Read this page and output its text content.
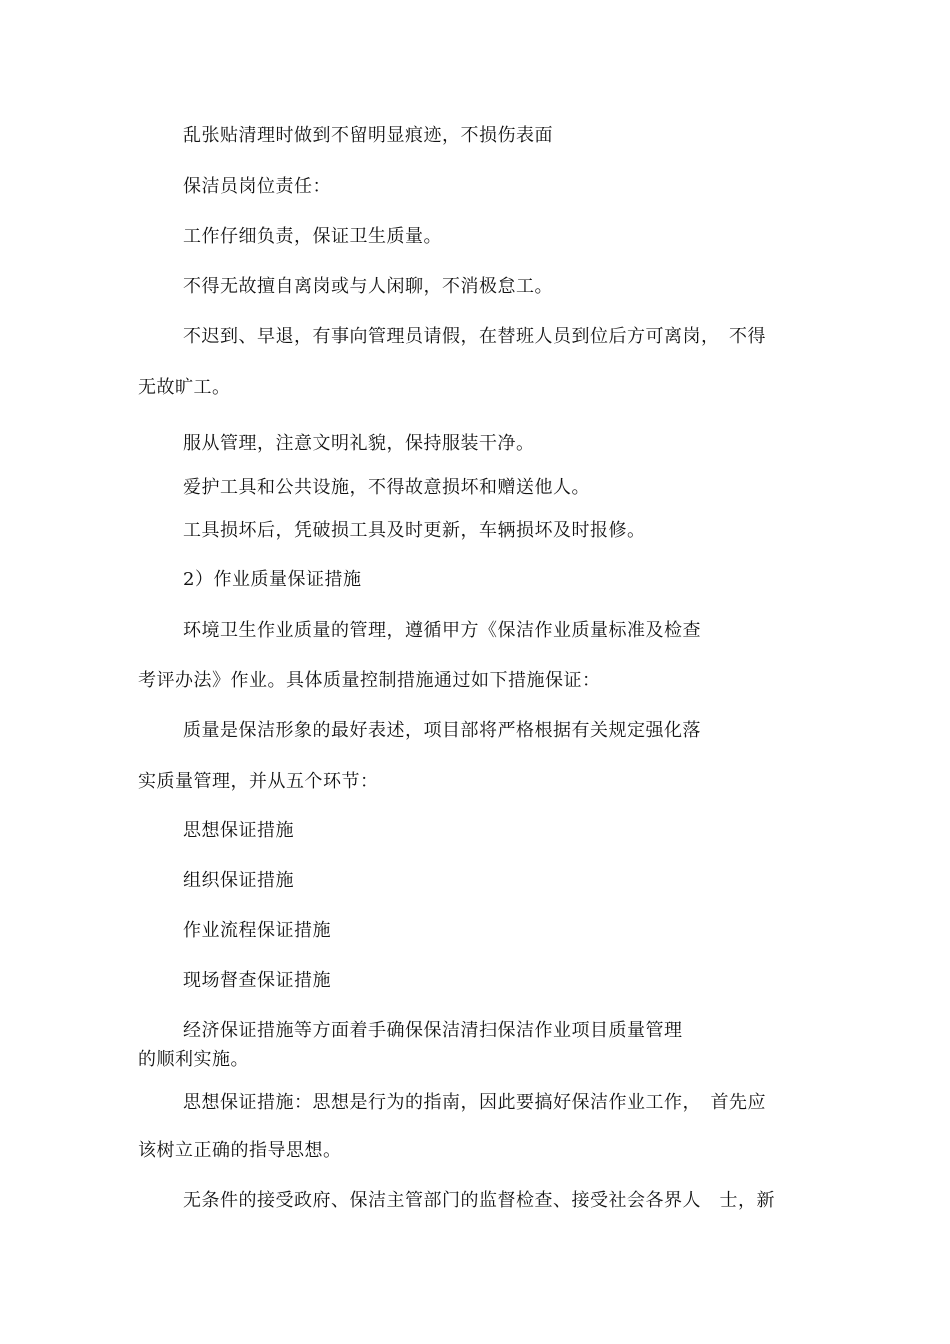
乱张贴清理时做到不留明显痕迹，不损伤表面
保洁员岗位责任：
工作仔细负责，保证卫生质量。
不得无故擅自离岗或与人闲聊，不消极怠工。
不迟到、早退，有事向管理员请假，在替班人员到位后方可离岗，　不得
无故旷工。
服从管理，注意文明礼貌，保持服装干净。
爱护工具和公共设施，不得故意损坏和赠送他人。
工具损坏后，凭破损工具及时更新，车辆损坏及时报修。
2）作业质量保证措施
环境卫生作业质量的管理，遵循甲方《保洁作业质量标准及检查
考评办法》作业。具体质量控制措施通过如下措施保证：
质量是保洁形象的最好表述，项目部将严格根据有关规定强化落
实质量管理，并从五个环节：
思想保证措施
组织保证措施
作业流程保证措施
现场督查保证措施
经济保证措施等方面着手确保保洁清扫保洁作业项目质量管理
的顺利实施。
思想保证措施：思想是行为的指南，因此要搞好保洁作业工作，　首先应
该树立正确的指导思想。
无条件的接受政府、保洁主管部门的监督检查、接受社会各界人　士，新
